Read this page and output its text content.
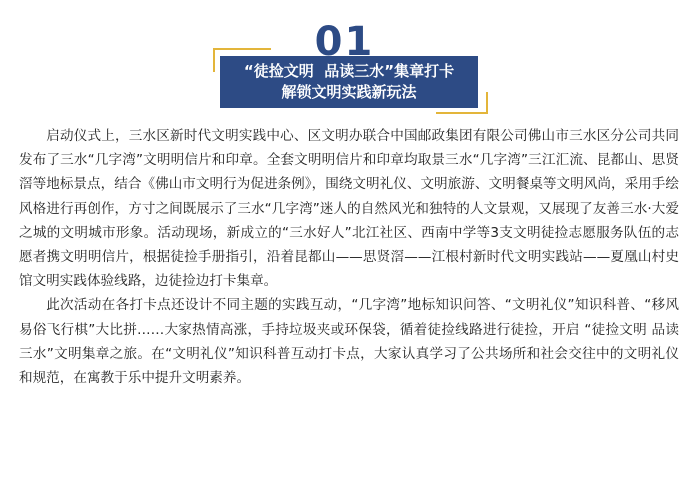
“徒捡文明  品读三水”集章打卡
解锁文明实践新玩法
01

启动仪式上，三水区新时代文明实践中心、区文明办联合中国邮政集团有限公司佛山市三水区分公司共同发布了三水“几字湾”文明明信片和印章。全套文明明信片和印章均取景三水“几字湾”三江汇流、昆都山、思贤滘等地标景点，结合《佛山市文明行为促进条例》，围绕文明礼仪、文明旅游、文明餐桌等文明风尚，采用手绘风格进行再创作，方寸之间既展示了三水“几字湾”迷人的自然风光和独特的人文景观，又展现了友善三水·大爱之城的文明城市形象。活动现场，新成立的“三水好人”北江社区、西南中学等3支文明徒捡志愿服务队伍的志愿者携文明明信片，根据徒捡手册指引，沿着昆都山——思贤滘——江根村新时代文明实践站——夏凰山村史馆文明实践体验线路，边徒捡边打卡集章。

此次活动在各打卡点还设计不同主题的实践互动，“几字湾”地标知识问答、“文明礼仪”知识科普、“移风易俗飞行棋”大比拼……大家热情高涨，手持垃圾夹或环保袋，循着徒捡线路进行徒捡，开启 “徒捡文明 品读三水”文明集章之旅。在“文明礼仪”知识科普互动打卡点，大家认真学习了公共场所和社会交往中的文明礼仪和规范，在寓教于乐中提升文明素养。
